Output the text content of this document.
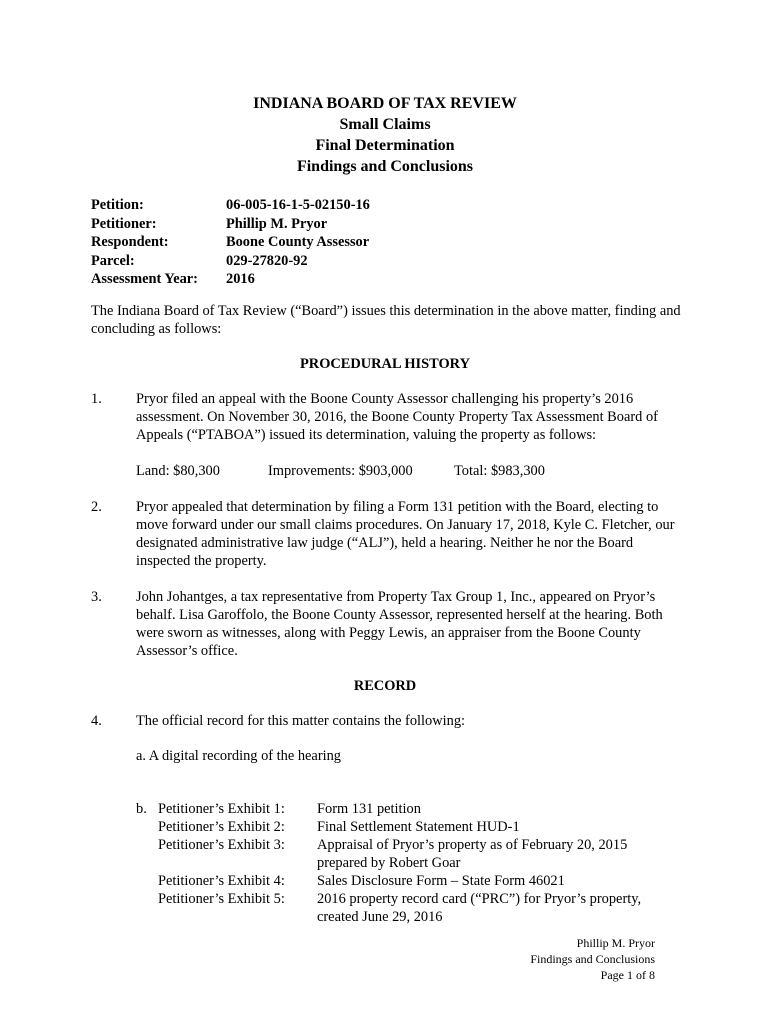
INDIANA BOARD OF TAX REVIEW
Small Claims
Final Determination
Findings and Conclusions
Petition:	06-005-16-1-5-02150-16
Petitioner:	Phillip M. Pryor
Respondent:	Boone County Assessor
Parcel:	029-27820-92
Assessment Year:	2016
The Indiana Board of Tax Review (“Board”) issues this determination in the above matter, finding and concluding as follows:
PROCEDURAL HISTORY
1.	Pryor filed an appeal with the Boone County Assessor challenging his property’s 2016 assessment. On November 30, 2016, the Boone County Property Tax Assessment Board of Appeals (“PTABOA”) issued its determination, valuing the property as follows:
Land: $80,300	Improvements: $903,000	Total: $983,300
2.	Pryor appealed that determination by filing a Form 131 petition with the Board, electing to move forward under our small claims procedures. On January 17, 2018, Kyle C. Fletcher, our designated administrative law judge (“ALJ”), held a hearing. Neither he nor the Board inspected the property.
3.	John Johantges, a tax representative from Property Tax Group 1, Inc., appeared on Pryor’s behalf. Lisa Garoffolo, the Boone County Assessor, represented herself at the hearing. Both were sworn as witnesses, along with Peggy Lewis, an appraiser from the Boone County Assessor’s office.
RECORD
4.	The official record for this matter contains the following:
a. A digital recording of the hearing
b. Petitioner’s Exhibit 1:	Form 131 petition
Petitioner’s Exhibit 2:	Final Settlement Statement HUD-1
Petitioner’s Exhibit 3:	Appraisal of Pryor’s property as of February 20, 2015 prepared by Robert Goar
Petitioner’s Exhibit 4:	Sales Disclosure Form – State Form 46021
Petitioner’s Exhibit 5:	2016 property record card (“PRC”) for Pryor’s property, created June 29, 2016
Phillip M. Pryor
Findings and Conclusions
Page 1 of 8
